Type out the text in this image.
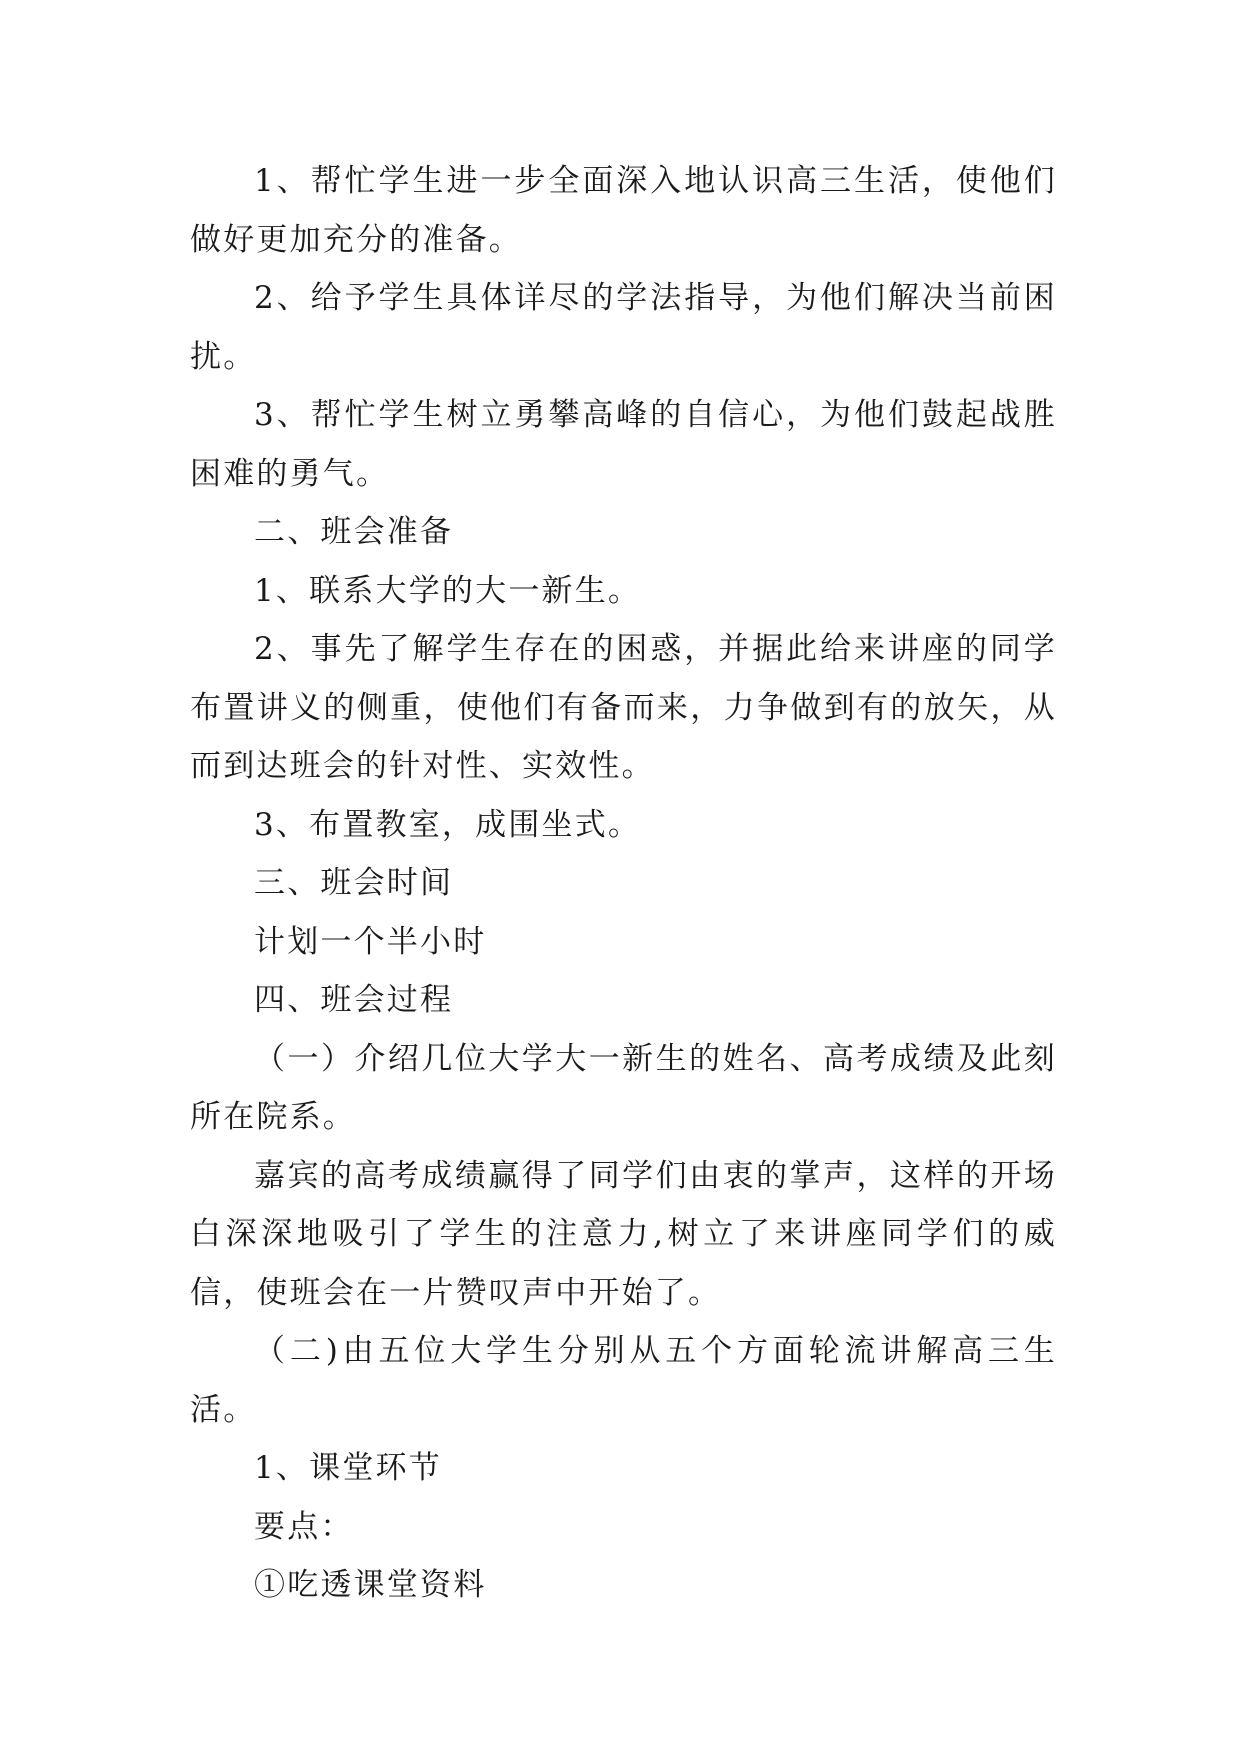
1、帮忙学生进一步全面深入地认识高三生活，使他们做好更加充分的准备。

2、给予学生具体详尽的学法指导，为他们解决当前困扰。

3、帮忙学生树立勇攀高峰的自信心，为他们鼓起战胜困难的勇气。

二、班会准备

1、联系大学的大一新生。

2、事先了解学生存在的困惑，并据此给来讲座的同学布置讲义的侧重，使他们有备而来，力争做到有的放矢，从而到达班会的针对性、实效性。

3、布置教室，成围坐式。

三、班会时间

计划一个半小时

四、班会过程

（一）介绍几位大学大一新生的姓名、高考成绩及此刻所在院系。

嘉宾的高考成绩赢得了同学们由衷的掌声，这样的开场白深深地吸引了学生的注意力,树立了来讲座同学们的威信，使班会在一片赞叹声中开始了。

（二)由五位大学生分别从五个方面轮流讲解高三生活。

1、课堂环节

要点：

①吃透课堂资料
